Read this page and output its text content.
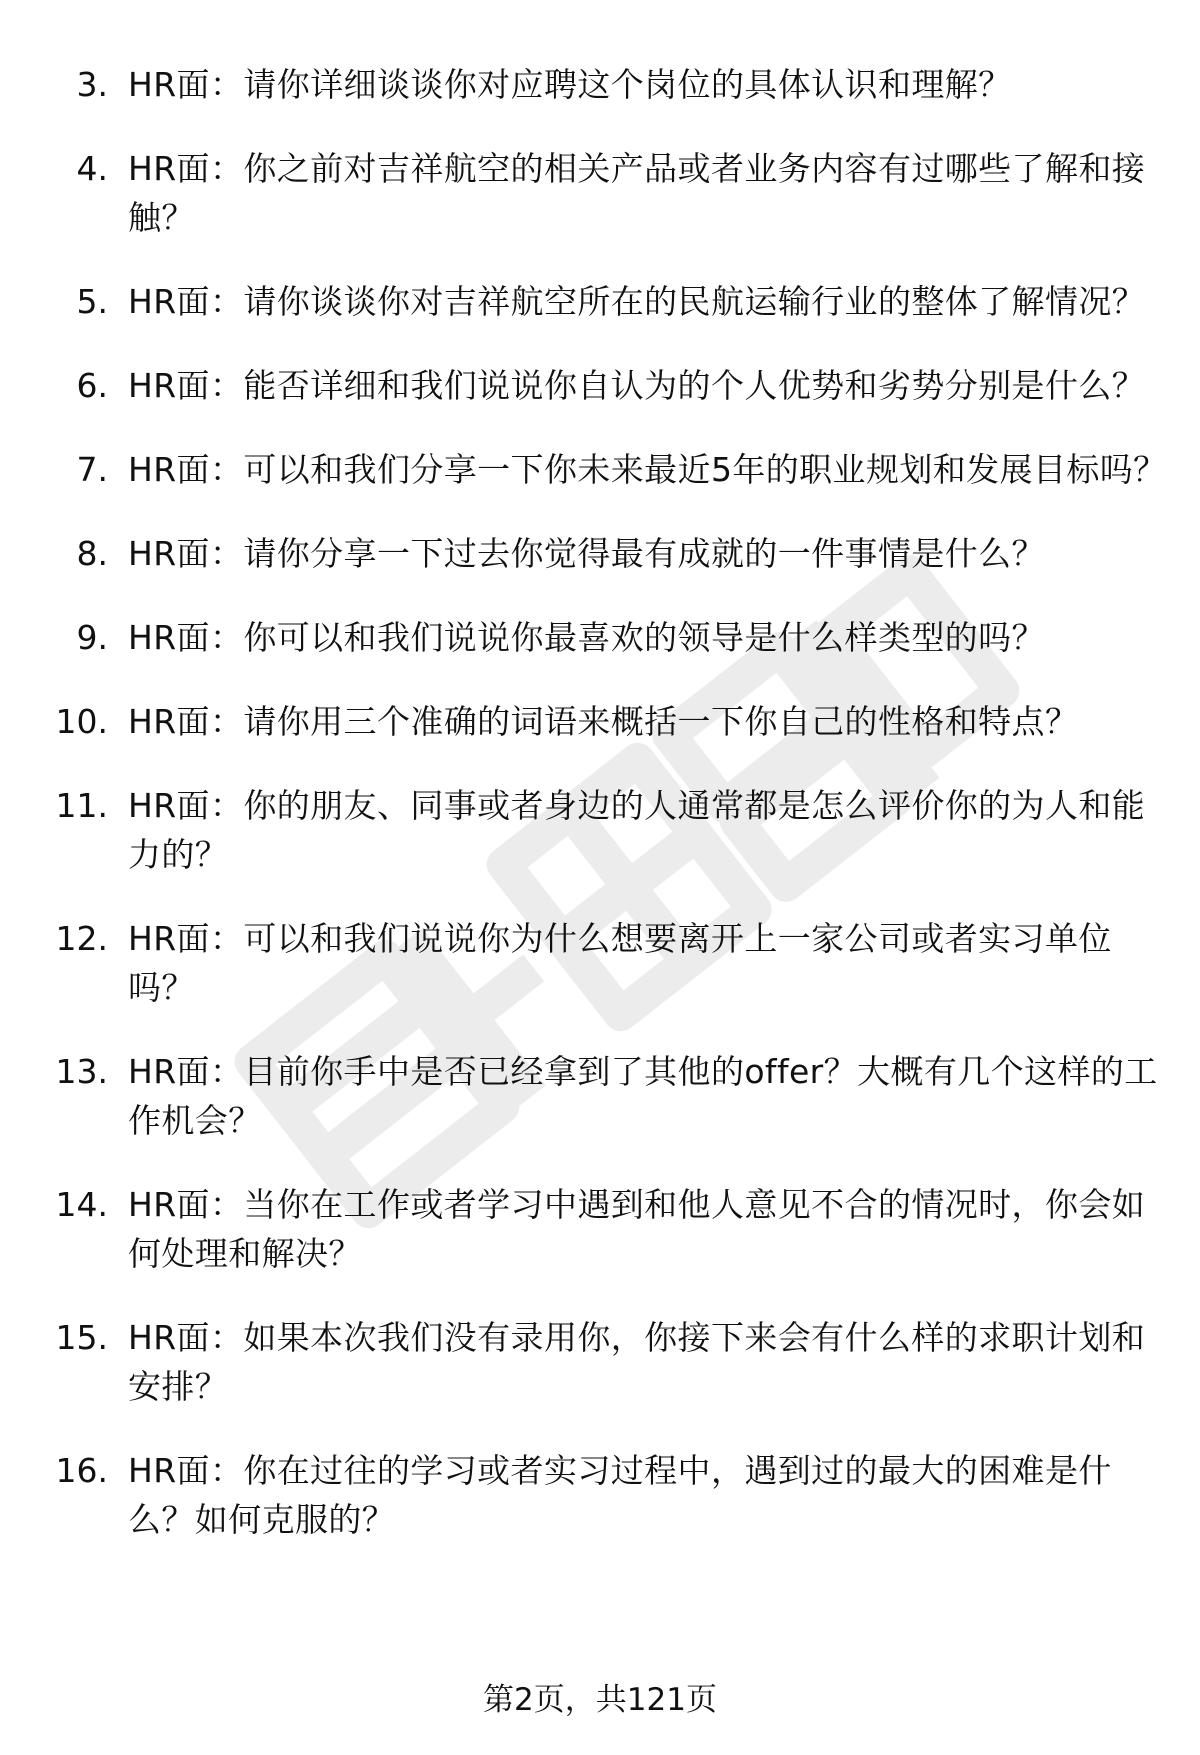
3. HR面：请你详细谈谈你对应聘这个岗位的具体认识和理解？
4. HR面：你之前对吉祥航空的相关产品或者业务内容有过哪些了解和接触？
5. HR面：请你谈谈你对吉祥航空所在的民航运输行业的整体了解情况？
6. HR面：能否详细和我们说说你自认为的个人优势和劣势分别是什么？
7. HR面：可以和我们分享一下你未来最近5年的职业规划和发展目标吗？
8. HR面：请你分享一下过去你觉得最有成就的一件事情是什么？
9. HR面：你可以和我们说说你最喜欢的领导是什么样类型的吗？
10. HR面：请你用三个准确的词语来概括一下你自己的性格和特点？
11. HR面：你的朋友、同事或者身边的人通常都是怎么评价你的为人和能力的？
12. HR面：可以和我们说说你为什么想要离开上一家公司或者实习单位吗？
13. HR面：目前你手中是否已经拿到了其他的offer？大概有几个这样的工作机会？
14. HR面：当你在工作或者学习中遇到和他人意见不合的情况时，你会如何处理和解决？
15. HR面：如果本次我们没有录用你，你接下来会有什么样的求职计划和安排？
16. HR面：你在过往的学习或者实习过程中，遇到过的最大的困难是什么？如何克服的？
第2页，共121页
